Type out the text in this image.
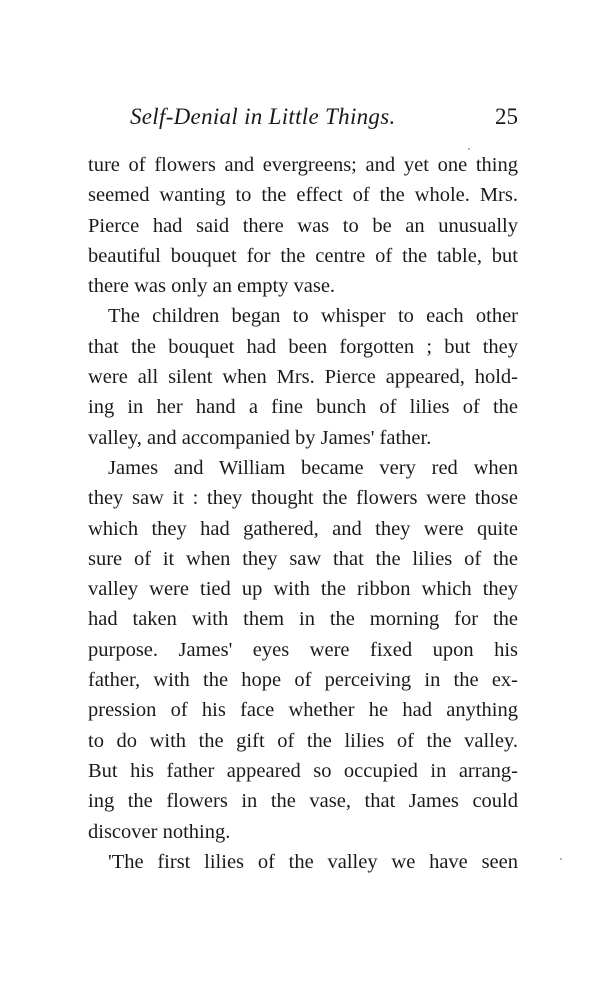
Self-Denial in Little Things.	25
ture of flowers and evergreens; and yet one thing
seemed wanting to the effect of the whole. Mrs.
Pierce had said there was to be an unusually
beautiful bouquet for the centre of the table, but
there was only an empty vase.
The children began to whisper to each other
that the bouquet had been forgotten ; but they
were all silent when Mrs. Pierce appeared, hold-
ing in her hand a fine bunch of lilies of the
valley, and accompanied by James' father.
James and William became very red when
they saw it : they thought the flowers were those
which they had gathered, and they were quite
sure of it when they saw that the lilies of the
valley were tied up with the ribbon which they
had taken with them in the morning for the
purpose. James' eyes were fixed upon his
father, with the hope of perceiving in the ex-
pression of his face whether he had anything
to do with the gift of the lilies of the valley.
But his father appeared so occupied in arrang-
ing the flowers in the vase, that James could
discover nothing.
'The first lilies of the valley we have seen
